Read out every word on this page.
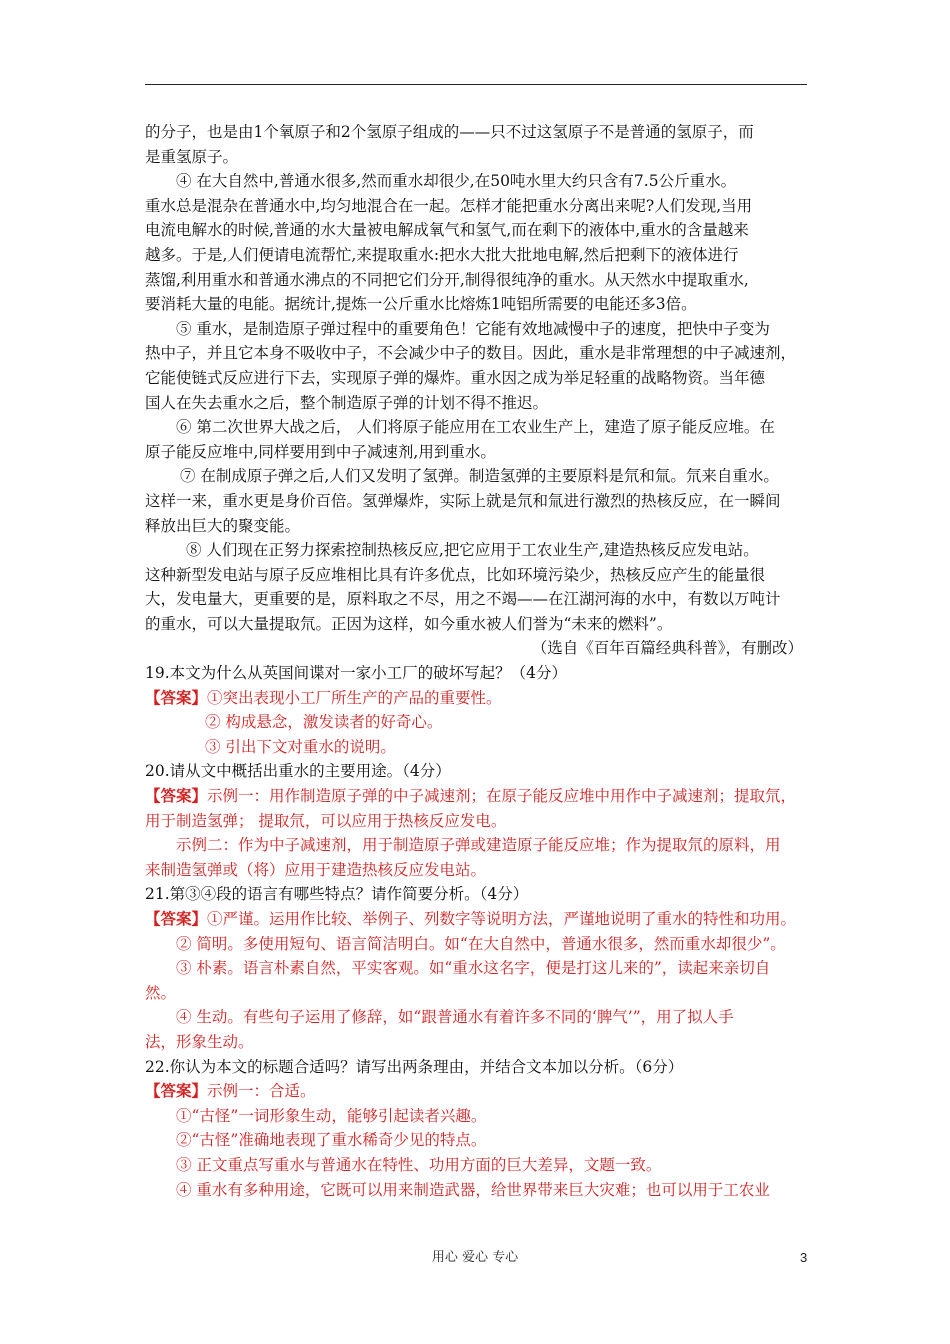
的分子，也是由1个氧原子和2个氢原子组成的——只不过这氢原子不是普通的氢原子，而
是重氢原子。
④ 在大自然中,普通水很多,然而重水却很少,在50吨水里大约只含有7.5公斤重水。
重水总是混杂在普通水中,均匀地混合在一起。怎样才能把重水分离出来呢?人们发现,当用
电流电解水的时候,普通的水大量被电解成氧气和氢气,而在剩下的液体中,重水的含量越来
越多。于是,人们便请电流帮忙,来提取重水:把水大批大批地电解,然后把剩下的液体进行
蒸馏,利用重水和普通水沸点的不同把它们分开,制得很纯净的重水。从天然水中提取重水,
要消耗大量的电能。据统计,提炼一公斤重水比熔炼1吨铝所需要的电能还多3倍。
⑤ 重水，是制造原子弹过程中的重要角色！它能有效地减慢中子的速度，把快中子变为
热中子，并且它本身不吸收中子，不会减少中子的数目。因此，重水是非常理想的中子减速剂，
它能使链式反应进行下去，实现原子弹的爆炸。重水因之成为举足轻重的战略物资。当年德
国人在失去重水之后，整个制造原子弹的计划不得不推迟。
⑥ 第二次世界大战之后， 人们将原子能应用在工农业生产上，建造了原子能反应堆。在
原子能反应堆中,同样要用到中子减速剂,用到重水。
⑦ 在制成原子弹之后,人们又发明了氢弹。制造氢弹的主要原料是氘和氚。氘来自重水。
这样一来，重水更是身价百倍。氢弹爆炸，实际上就是氘和氚进行激烈的热核反应，在一瞬间
释放出巨大的聚变能。
⑧ 人们现在正努力探索控制热核反应,把它应用于工农业生产,建造热核反应发电站。
这种新型发电站与原子反应堆相比具有许多优点，比如环境污染少，热核反应产生的能量很
大，发电量大，更重要的是，原料取之不尽，用之不竭——在江湖河海的水中，有数以万吨计
的重水，可以大量提取氘。正因为这样，如今重水被人们誉为“未来的燃料”。
（选自《百年百篇经典科普》，有删改）
19.本文为什么从英国间谍对一家小工厂的破坏写起？（4分）
【答案】①突出表现小工厂所生产的产品的重要性。
② 构成悬念，激发读者的好奇心。
③ 引出下文对重水的说明。
20.请从文中概括出重水的主要用途。（4分）
【答案】示例一：用作制造原子弹的中子减速剂；在原子能反应堆中用作中子减速剂；提取氘，
用于制造氢弹； 提取氘，可以应用于热核反应发电。
示例二：作为中子减速剂，用于制造原子弹或建造原子能反应堆；作为提取氘的原料，用
来制造氢弹或（将）应用于建造热核反应发电站。
21.第③④段的语言有哪些特点？请作简要分析。（4分）
【答案】①严谨。运用作比较、举例子、列数字等说明方法，严谨地说明了重水的特性和功用。
② 简明。多使用短句、语言简洁明白。如“在大自然中，普通水很多，然而重水却很少”。
③ 朴素。语言朴素自然，平实客观。如“重水这名字，便是打这儿来的”，读起来亲切自
然。
④ 生动。有些句子运用了修辞，如“跟普通水有着许多不同的‘脾气’”，用了拟人手
法，形象生动。
22.你认为本文的标题合适吗？请写出两条理由，并结合文本加以分析。（6分）
【答案】示例一：合适。
①“古怪”一词形象生动，能够引起读者兴趣。
②“古怪”准确地表现了重水稀奇少见的特点。
③ 正文重点写重水与普通水在特性、功用方面的巨大差异，文题一致。
④ 重水有多种用途，它既可以用来制造武器，给世界带来巨大灾难；也可以用于工农业
用心 爱心 专心	3
